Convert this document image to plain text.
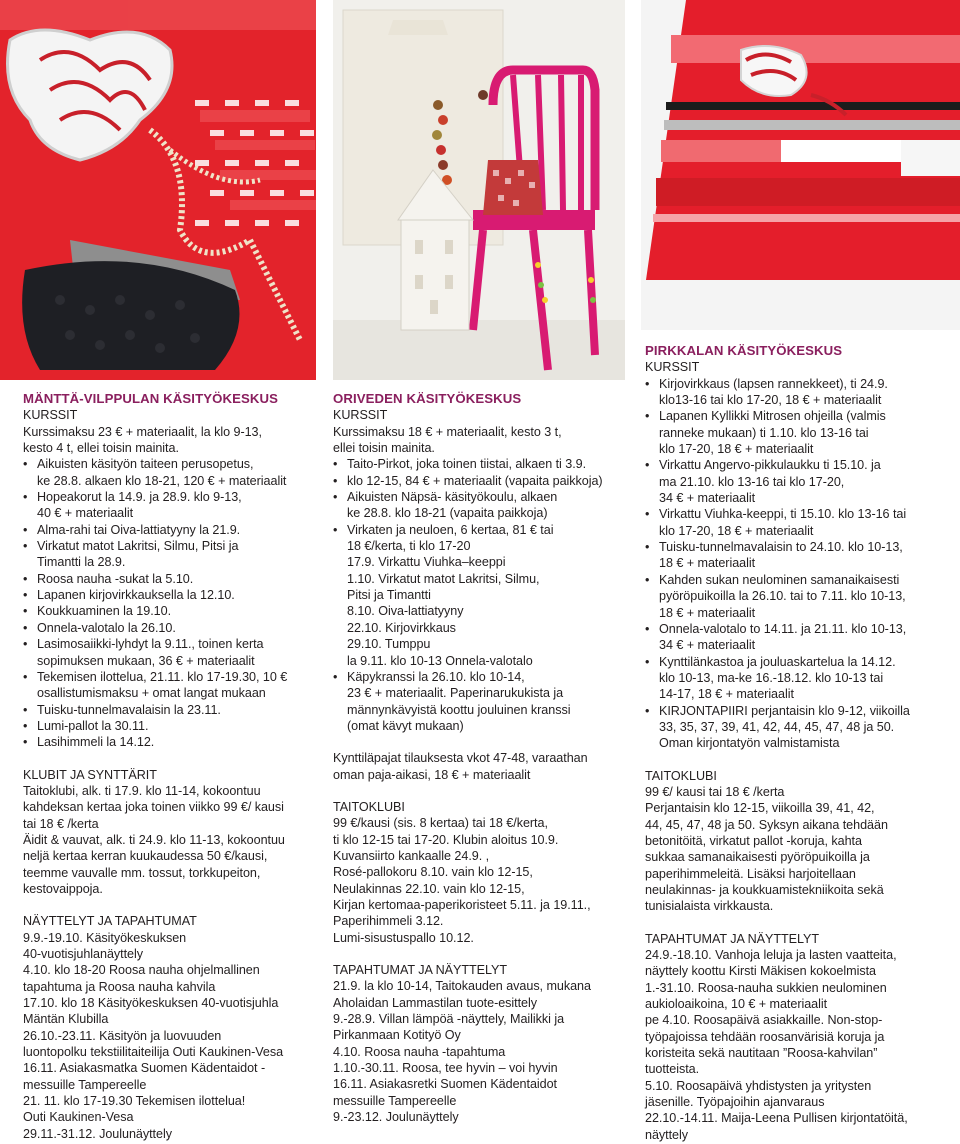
MÄNTTÄ-VILPPULAN KÄSITYÖKESKUS
KURSSIT
Kurssimaksu 23 € + materiaalit, la klo 9-13,
kesto 4 t, ellei toisin mainita.
• Aikuisten käsityön taiteen perusopetus,
ke 28.8. alkaen klo 18-21, 120 € + materiaalit
• Hopeakorut la 14.9. ja 28.9. klo 9-13,
40 € + materiaalit
• Alma-rahi tai Oiva-lattiatyyny la 21.9.
• Virkatut matot Lakritsi, Silmu, Pitsi ja
Timantti la 28.9.
• Roosa nauha -sukat la 5.10.
• Lapanen kirjovirkkauksella la 12.10.
• Koukkuaminen la 19.10.
• Onnela-valotalo la 26.10.
• Lasimosaiikki-lyhdyt la 9.11., toinen kerta
sopimuksen mukaan, 36 € + materiaalit
• Tekemisen ilottelua, 21.11. klo 17-19.30, 10 €
osallistumismaksu + omat langat mukaan
• Tuisku-tunnelmavalaisin la 23.11.
• Lumi-pallot la 30.11.
• Lasihimmeli la 14.12.
KLUBIT JA SYNTTÄRIT
Taitoklubi, alk. ti 17.9. klo 11-14, kokoontuu
kahdeksan kertaa joka toinen viikko 99 €/ kausi
tai 18 € /kerta
Äidit & vauvat, alk. ti 24.9. klo 11-13, kokoontuu
neljä kertaa kerran kuukaudessa 50 €/kausi,
teemme vauvalle mm. tossut, torkkupeiton,
kestovaippoja.
NÄYTTELYT JA TAPAHTUMAT
9.9.-19.10. Käsityökeskuksen
40-vuotisjuhlanäyttely
4.10. klo 18-20 Roosa nauha ohjelmallinen
tapahtuma ja Roosa nauha kahvila
17.10. klo 18 Käsityökeskuksen 40-vuotisjuhla
Mäntän Klubilla
26.10.-23.11. Käsityön ja luovuuden
luontopolku tekstiilitaiteilija Outi Kaukinen-Vesa
16.11. Asiakasmatka Suomen Kädentaidot -
messuille Tampereelle
21. 11. klo 17-19.30 Tekemisen ilottelua!
Outi Kaukinen-Vesa
29.11.-31.12. Joulunäyttely
ORIVEDEN KÄSITYÖKESKUS
KURSSIT
Kurssimaksu 18 € + materiaalit, kesto 3 t,
ellei toisin mainita.
• Taito-Pirkot, joka toinen tiistai, alkaen ti 3.9.
• klo 12-15, 84 € + materiaalit (vapaita paikkoja)
• Aikuisten Näpsä- käsityökoulu, alkaen
ke 28.8. klo 18-21 (vapaita paikkoja)
• Virkaten ja neuloen, 6 kertaa, 81 € tai
18 €/kerta, ti klo 17-20
17.9. Virkattu Viuhka–keeppi
1.10. Virkatut matot Lakritsi, Silmu,
Pitsi ja Timantti
8.10. Oiva-lattiatyyny
22.10. Kirjovirkkaus
29.10. Tumppu
la 9.11. klo 10-13 Onnela-valotalo
• Käpykranssi la 26.10. klo 10-14,
23 € + materiaalit. Paperinarukukista ja
männynkävyistä koottu jouluinen kranssi
(omat kävyt mukaan)
Kynttiläpajat tilauksesta vkot 47-48, varaathan
oman paja-aikasi, 18 € + materiaalit
TAITOKLUBI
99 €/kausi (sis. 8 kertaa) tai 18 €/kerta,
ti klo 12-15 tai 17-20. Klubin aloitus 10.9.
Kuvansiirto kankaalle 24.9. ,
Rosé-pallokoru 8.10. vain klo 12-15,
Neulakinnas 22.10. vain klo 12-15,
Kirjan kertomaa-paperikoristeet 5.11. ja 19.11.,
Paperihimmeli 3.12.
Lumi-sisustuspallo 10.12.
TAPAHTUMAT JA NÄYTTELYT
21.9. la klo 10-14, Taitokauden avaus, mukana
Aholaidan Lammastilan tuote-esittely
9.-28.9. Villan lämpöä -näyttely, Mailikki ja
Pirkanmaan Kotityö Oy
4.10. Roosa nauha -tapahtuma
1.10.-30.11. Roosa, tee hyvin – voi hyvin
16.11. Asiakasretki Suomen Kädentaidot
messuille Tampereelle
9.-23.12. Joulunäyttely
PIRKKALAN KÄSITYÖKESKUS
KURSSIT
• Kirjovirkkaus (lapsen rannekkeet), ti 24.9.
klo13-16 tai klo 17-20, 18 € + materiaalit
• Lapanen Kyllikki Mitrosen ohjeilla (valmis
ranneke mukaan) ti 1.10. klo 13-16 tai
klo 17-20, 18 € + materiaalit
• Virkattu Angervo-pikkulaukku ti 15.10. ja
ma 21.10. klo 13-16 tai klo 17-20,
34 € + materiaalit
• Virkattu Viuhka-keeppi, ti 15.10. klo 13-16 tai
klo 17-20, 18 € + materiaalit
• Tuisku-tunnelmavalaisin to 24.10. klo 10-13,
18 € + materiaalit
• Kahden sukan neulominen samanaikaisesti
pyöröpuikoilla la 26.10. tai to 7.11. klo 10-13,
18 € + materiaalit
• Onnela-valotalo to 14.11. ja 21.11. klo 10-13,
34 € + materiaalit
• Kynttilänkastoa ja jouluaskartelua la 14.12.
klo 10-13, ma-ke 16.-18.12. klo 10-13 tai
14-17, 18 € + materiaalit
• KIRJONTAPIIRI perjantaisin klo 9-12, viikoilla
33, 35, 37, 39, 41, 42, 44, 45, 47, 48 ja 50.
Oman kirjontatyön valmistamista
TAITOKLUBI
99 €/ kausi tai 18 € /kerta
Perjantaisin klo 12-15, viikoilla 39, 41, 42,
44, 45, 47, 48 ja 50. Syksyn aikana tehdään
betonitöitä, virkatut pallot -koruja, kahta
sukkaa samanaikaisesti pyöröpuikoilla ja
paperihimmeleitä. Lisäksi harjoitellaan
neulakinnas- ja koukkuamistekniikoita sekä
tunisialaista virkkausta.
TAPAHTUMAT JA NÄYTTELYT
24.9.-18.10. Vanhoja leluja ja lasten vaatteita,
näyttely koottu Kirsti Mäkisen kokoelmista
1.-31.10. Roosa-nauha sukkien neulominen
aukioloaikoina, 10 € + materiaalit
pe 4.10. Roosapäivä asiakkaille. Non-stop-
työpajoissa tehdään roosanvärisiä koruja ja
koristeita sekä nautitaan ”Roosa-kahvilan”
tuotteista.
5.10. Roosapäivä yhdistysten ja yritysten
jäsenille. Työpajoihin ajanvaraus
22.10.-14.11. Maija-Leena Pullisen kirjontatöitä,
näyttely
